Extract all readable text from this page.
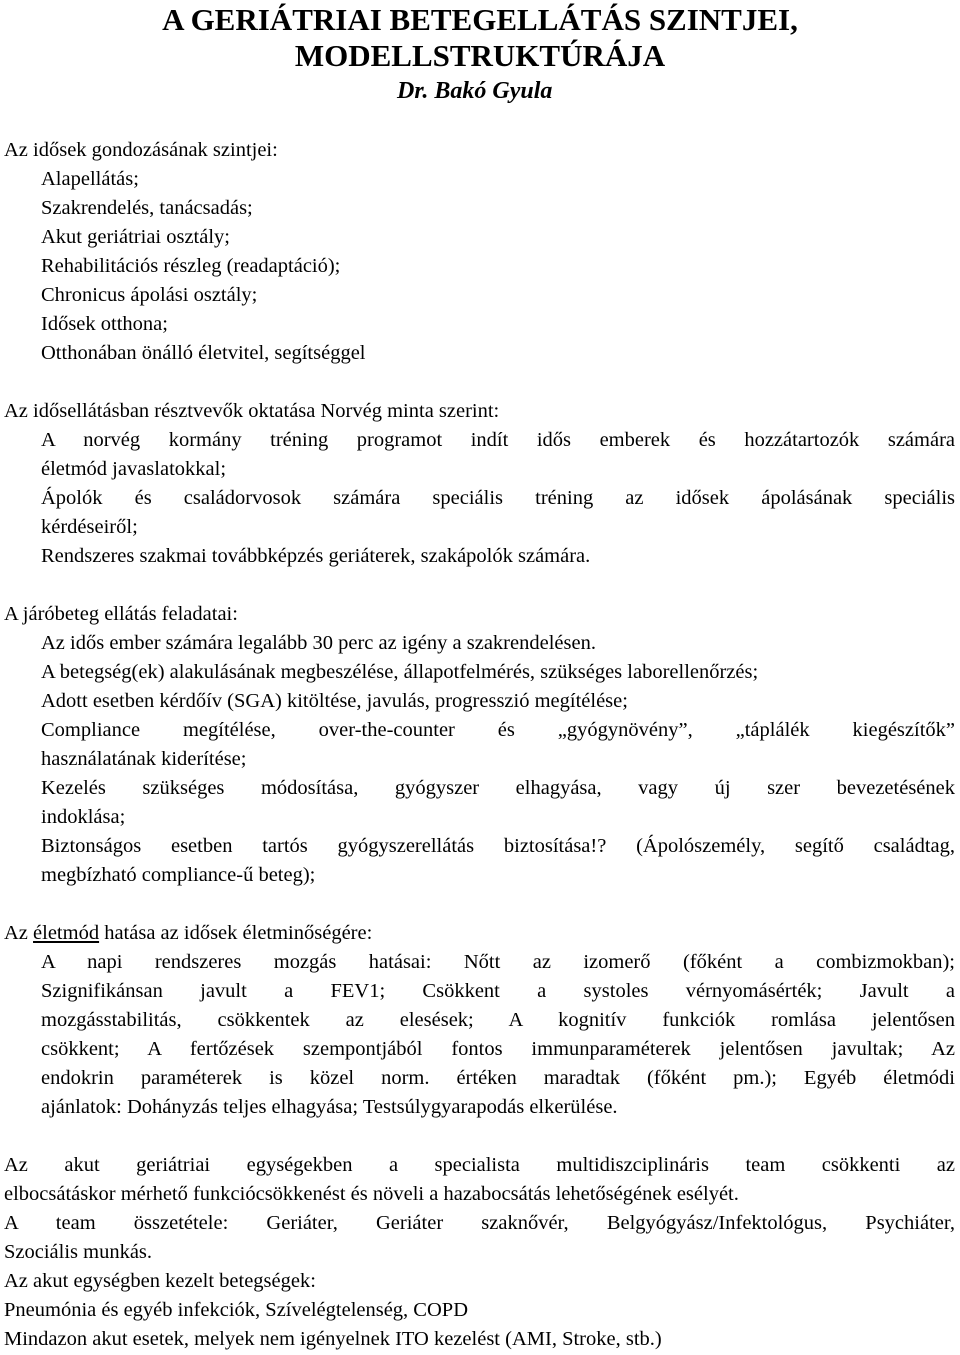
A GERIÁTRIAI BETEGELLÁTÁS SZINTJEI,
MODELLSTRUKTÚRÁJA
Dr. Bakó Gyula
Az idősek gondozásának szintjei:
Alapellátás;
Szakrendelés, tanácsadás;
Akut geriátriai osztály;
Rehabilitációs részleg (readaptáció);
Chronicus ápolási osztály;
Idősek otthona;
Otthonában önálló életvitel, segítséggel
Az idősellátásban résztvevők oktatása Norvég minta szerint:
A norvég kormány tréning programot indít idős emberek és hozzátartozók számára
életmód javaslatokkal;
Ápolók és családorvosok számára speciális tréning az idősek ápolásának speciális
kérdéseiről;
Rendszeres szakmai továbbképzés geriáterek, szakápolók számára.
A járóbeteg ellátás feladatai:
Az idős ember számára legalább 30 perc az igény a szakrendelésen.
A betegség(ek) alakulásának megbeszélése, állapotfelmérés, szükséges laborellenőrzés;
Adott esetben kérdőív (SGA) kitöltése, javulás, progresszió megítélése;
Compliance megítélése, over-the-counter és „gyógynövény”, „táplálék kiegészítők”
használatának kiderítése;
Kezelés szükséges módosítása, gyógyszer elhagyása, vagy új szer bevezetésének
indoklása;
Biztonságos esetben tartós gyógyszerellátás biztosítása!? (Ápolószemély, segítő családtag,
megbízható compliance-ű beteg);
Az életmód hatása az idősek életminőségére:
A napi rendszeres mozgás hatásai: Nőtt az izomerő (főként a combizmokban);
Szignifikánsan javult a FEV1; Csökkent a systoles vérnyomásérték; Javult a
mozgásstabilitás, csökkentek az elesések; A kognitív funkciók romlása jelentősen
csökkent; A fertőzések szempontjából fontos immunparaméterek jelentősen javultak; Az
endokrin paraméterek is közel norm. értéken maradtak (főként pm.); Egyéb életmódi
ajánlatok: Dohányzás teljes elhagyása; Testsúlygyarapodás elkerülése.
Az akut geriátriai egységekben a specialista multidiszciplináris team csökkenti az
elbocsátáskor mérhető funkciócsökkenést és növeli a hazabocsátás lehetőségének esélyét.
A team összetétele: Geriáter, Geriáter szaknővér, Belgyógyász/Infektológus, Psychiáter,
Szociális munkás.
Az akut egységben kezelt betegségek:
Pneumónia és egyéb infekciók, Szívelégtelenség, COPD
Mindazon akut esetek, melyek nem igényelnek ITO kezelést (AMI, Stroke, stb.)
